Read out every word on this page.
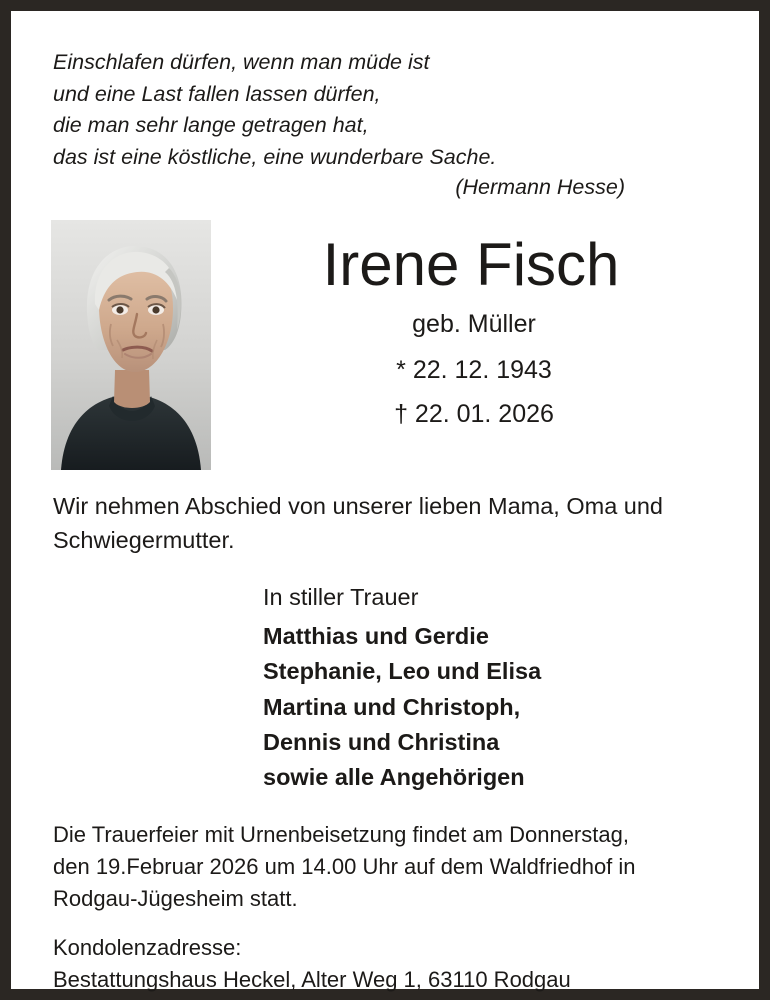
Einschlafen dürfen, wenn man müde ist
und eine Last fallen lassen dürfen,
die man sehr lange getragen hat,
das ist eine köstliche, eine wunderbare Sache.
(Hermann Hesse)
Irene Fisch
geb. Müller
* 22. 12. 1943
† 22. 01. 2026
Wir nehmen Abschied von unserer lieben Mama, Oma und
Schwiegermutter.
In stiller Trauer
Matthias und Gerdie
Stephanie, Leo und Elisa
Martina und Christoph,
Dennis und Christina
sowie alle Angehörigen
Die Trauerfeier mit Urnenbeisetzung findet am Donnerstag,
den 19.Februar 2026 um 14.00 Uhr auf dem Waldfriedhof in
Rodgau-Jügesheim statt.
Kondolenzadresse:
Bestattungshaus Heckel, Alter Weg 1, 63110 Rodgau
